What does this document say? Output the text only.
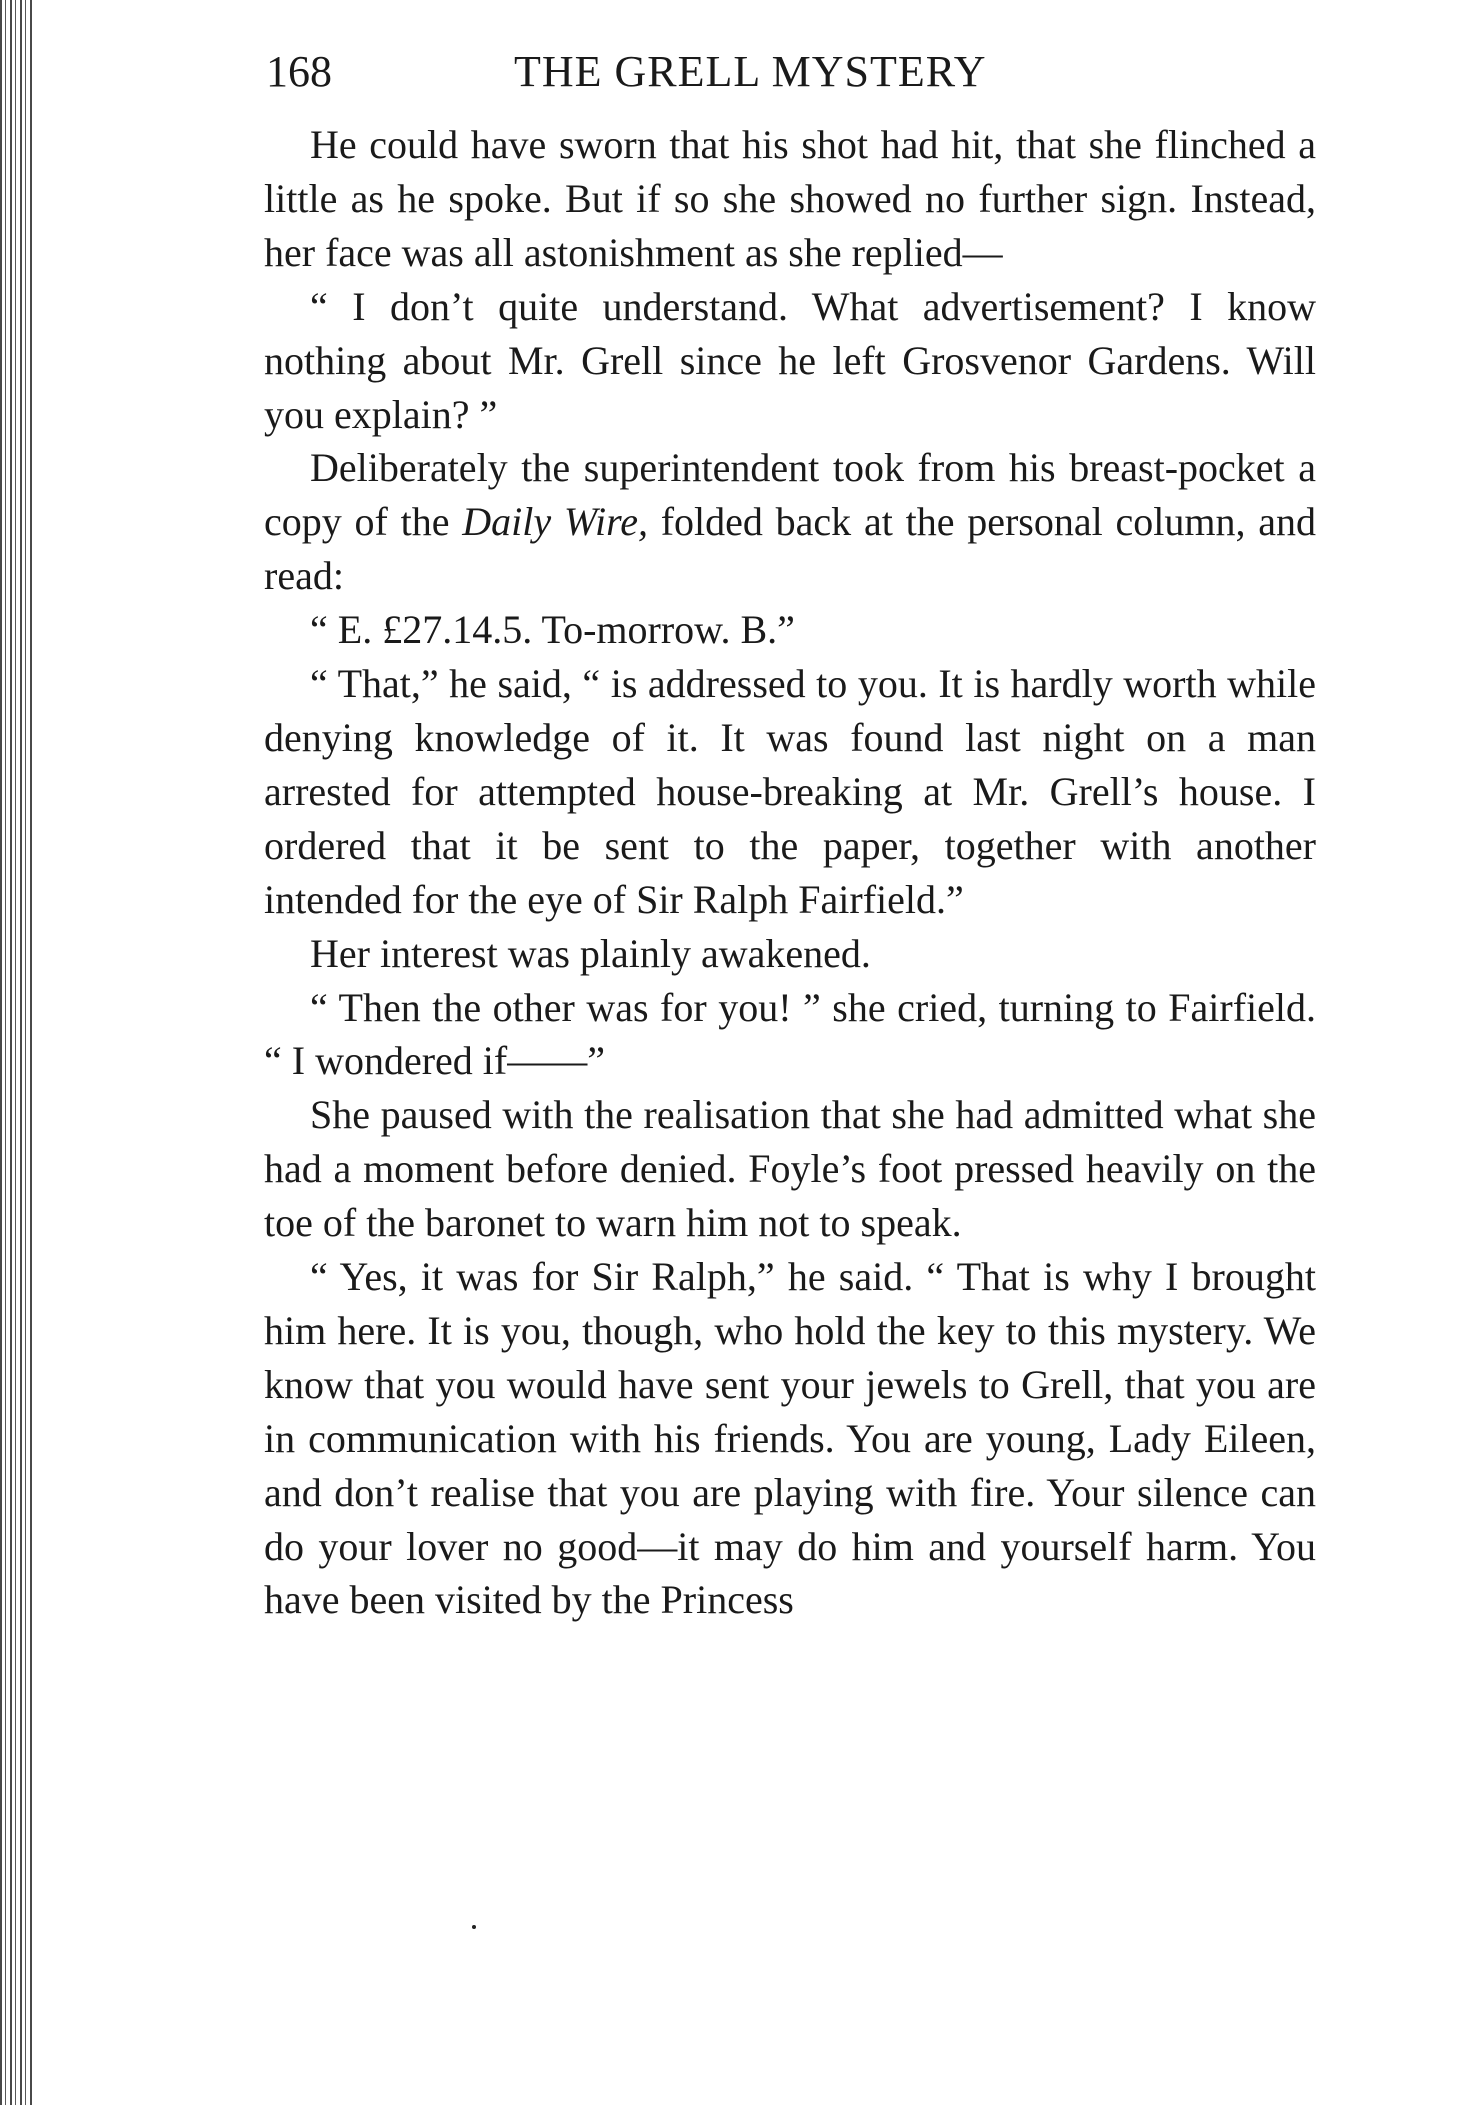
168	THE GRELL MYSTERY

He could have sworn that his shot had hit, that she flinched a little as he spoke. But if so she showed no further sign. Instead, her face was all astonishment as she replied—

“ I don’t quite understand. What advertisement? I know nothing about Mr. Grell since he left Grosvenor Gardens. Will you explain? ”

Deliberately the superintendent took from his breast-pocket a copy of the Daily Wire, folded back at the personal column, and read:

“ E. £27.14.5. To-morrow. B.”

“ That,” he said, “ is addressed to you. It is hardly worth while denying knowledge of it. It was found last night on a man arrested for attempted house-breaking at Mr. Grell’s house. I ordered that it be sent to the paper, together with another intended for the eye of Sir Ralph Fairfield.”

Her interest was plainly awakened.

“ Then the other was for you! ” she cried, turning to Fairfield. “ I wondered if——”

She paused with the realisation that she had admitted what she had a moment before denied. Foyle’s foot pressed heavily on the toe of the baronet to warn him not to speak.

“ Yes, it was for Sir Ralph,” he said. “ That is why I brought him here. It is you, though, who hold the key to this mystery. We know that you would have sent your jewels to Grell, that you are in communication with his friends. You are young, Lady Eileen, and don’t realise that you are playing with fire. Your silence can do your lover no good—it may do him and yourself harm. You have been visited by the Princess
